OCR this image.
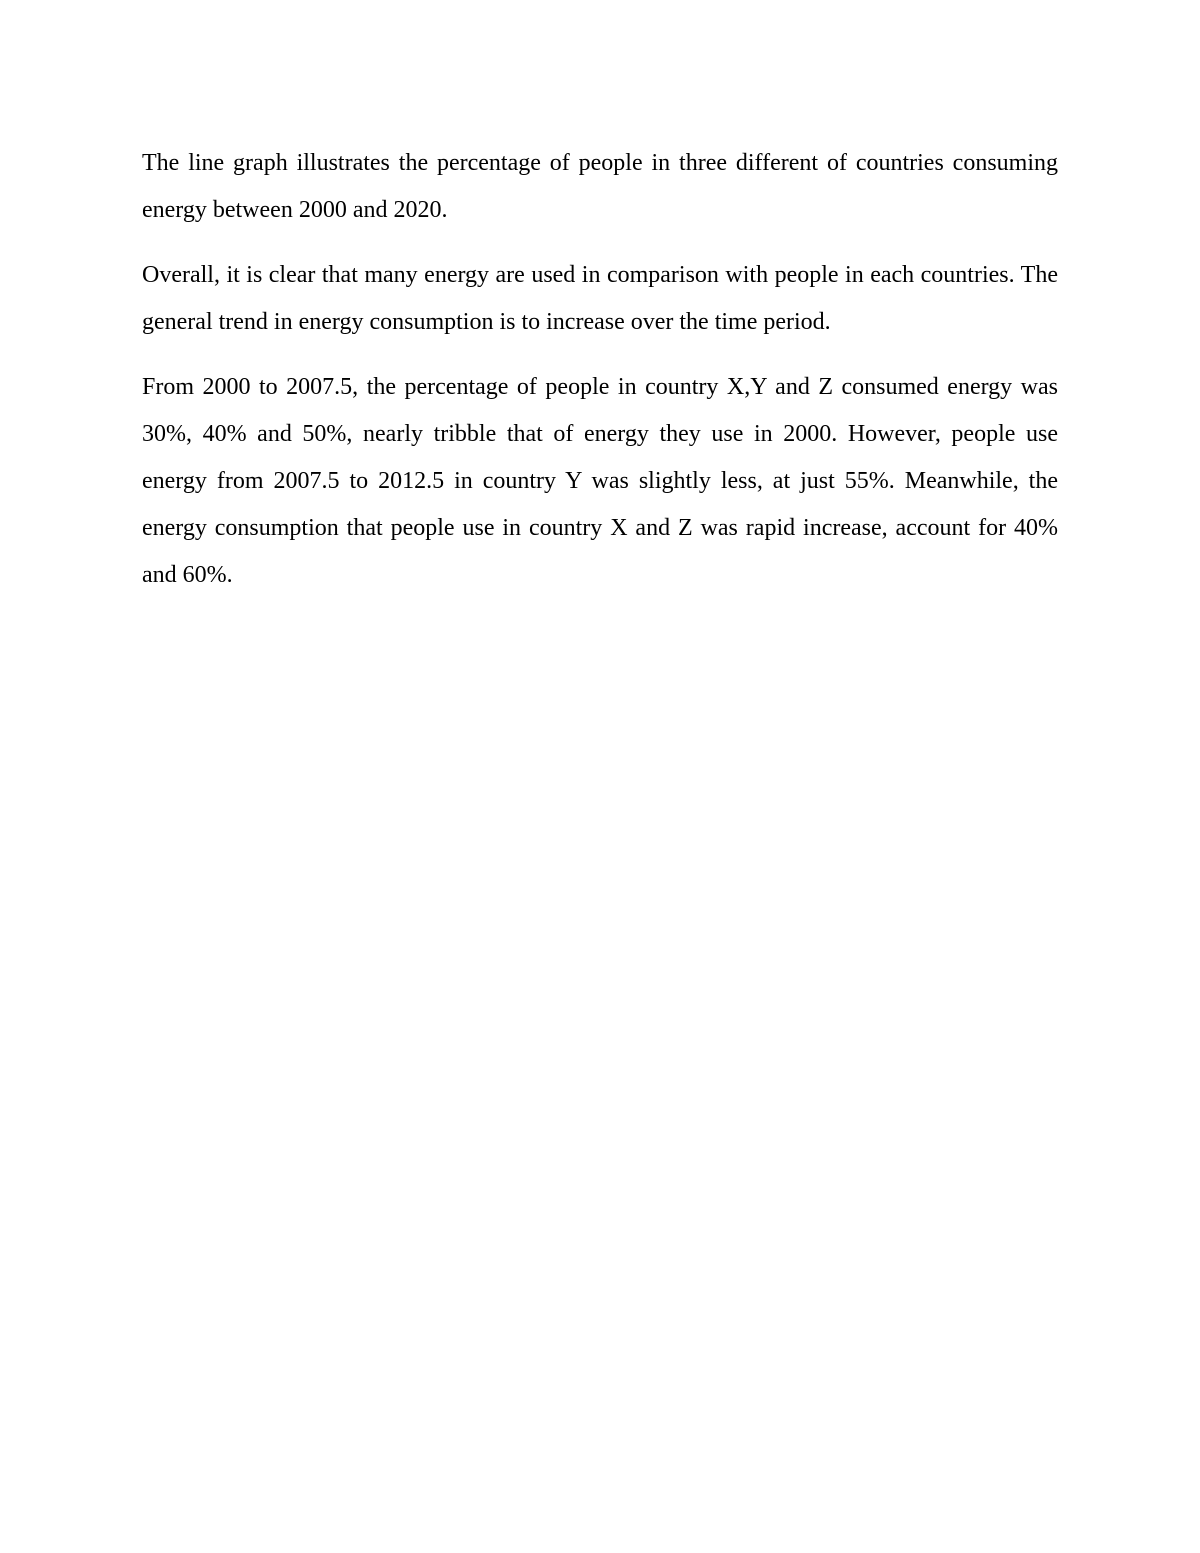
The line graph illustrates the percentage of people in three different of countries consuming energy between 2000 and 2020.

Overall, it is clear that many energy are used in comparison with people in each countries. The general trend in energy consumption is to increase over the time period.

From 2000 to 2007.5, the percentage of people in country X,Y and Z consumed energy was 30%, 40% and 50%, nearly tribble that of energy they use in 2000. However, people use energy from 2007.5 to 2012.5 in country Y was slightly less, at just 55%. Meanwhile, the energy consumption that people use in country X and Z was rapid increase, account for 40% and 60%.
